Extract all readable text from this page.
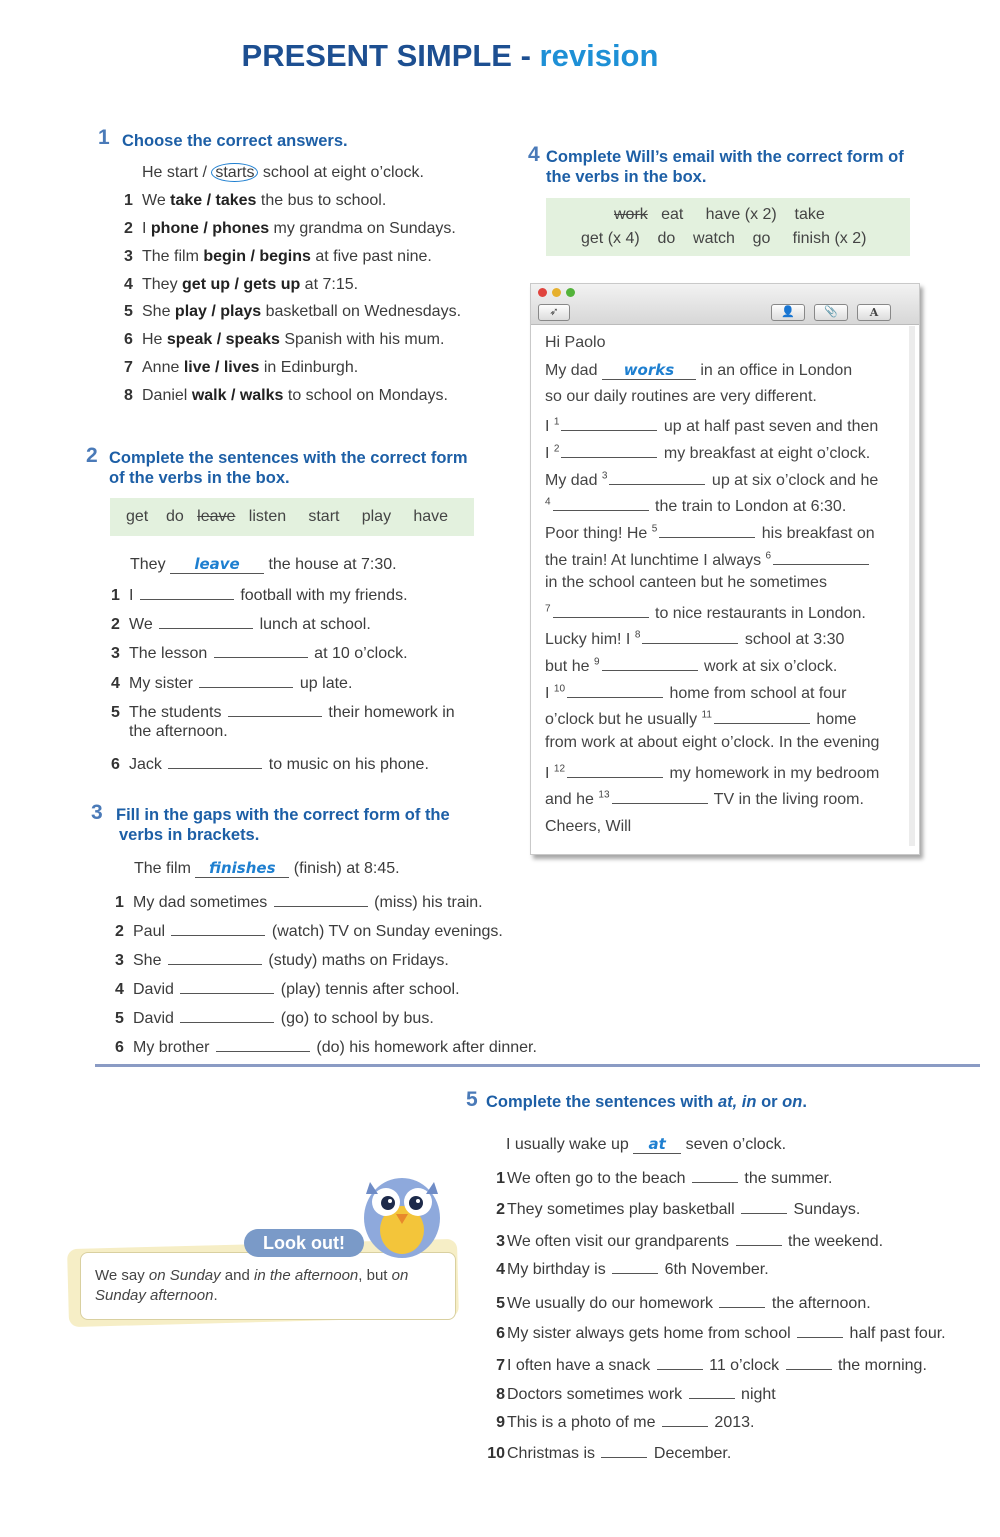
PRESENT SIMPLE - revision
1 Choose the correct answers.
He start / starts school at eight o’clock.
1 We take / takes the bus to school.
2 I phone / phones my grandma on Sundays.
3 The film begin / begins at five past nine.
4 They get up / gets up at 7:15.
5 She play / plays basketball on Wednesdays.
6 He speak / speaks Spanish with his mum.
7 Anne live / lives in Edinburgh.
8 Daniel walk / walks to school on Mondays.
2 Complete the sentences with the correct form
of the verbs in the box.
get do leave listen start play have
They leave the house at 7:30.
1 I	football with my friends.
2 We	lunch at school.
3 The lesson	at 10 o’clock.
4 My sister	up late.
5 The students	their homework in
the afternoon.
6 Jack	to music on his phone.
3 Fill in the gaps with the correct form of the
verbs in brackets.
The film finishes (finish) at 8:45.
1 My dad sometimes	(miss) his train.
2 Paul	(watch) TV on Sunday evenings.
3 She	(study) maths on Fridays.
4 David	(play) tennis after school.
5 David	(go) to school by bus.
6 My brother	(do) his homework after dinner.
4 Complete Will’s email with the correct form of
the verbs in the box.
work eat have (x 2) take
get (x 4) do watch go finish (x 2)
➶	👤	📎	A
Hi Paolo
My dad works in an office in London
so our daily routines are very different.
I $^1$	up at half past seven and then
I $^2$	my breakfast at eight o’clock.
My dad $^3$	up at six o’clock and he
$^4$	the train to London at 6:30.
Poor thing! He $^5$	his breakfast on
the train! At lunchtime I always $^6$
in the school canteen but he sometimes
$^7$	to nice restaurants in London.
Lucky him! I $^8$	school at 3:30
but he $^9$	work at six o’clock.
I $^{10}$	home from school at four
o’clock but he usually $^{11}$	home
from work at about eight o’clock. In the evening
I $^{12}$	my homework in my bedroom
and he $^{13}$	TV in the living room.
Cheers, Will
5 Complete the sentences with at, in or on.
I usually wake up at seven o’clock.
1 We often go to the beach	the summer.
2 They sometimes play basketball	Sundays.
3 We often visit our grandparents	the weekend.
4 My birthday is	6th November.
5 We usually do our homework	the afternoon.
6 My sister always gets home from school	half past four.
7 I often have a snack	11 o’clock	the morning.
8 Doctors sometimes work	night
9 This is a photo of me	2013.
10 Christmas is	December.
Look out!
We say on Sunday and in the afternoon, but on Sunday afternoon.
